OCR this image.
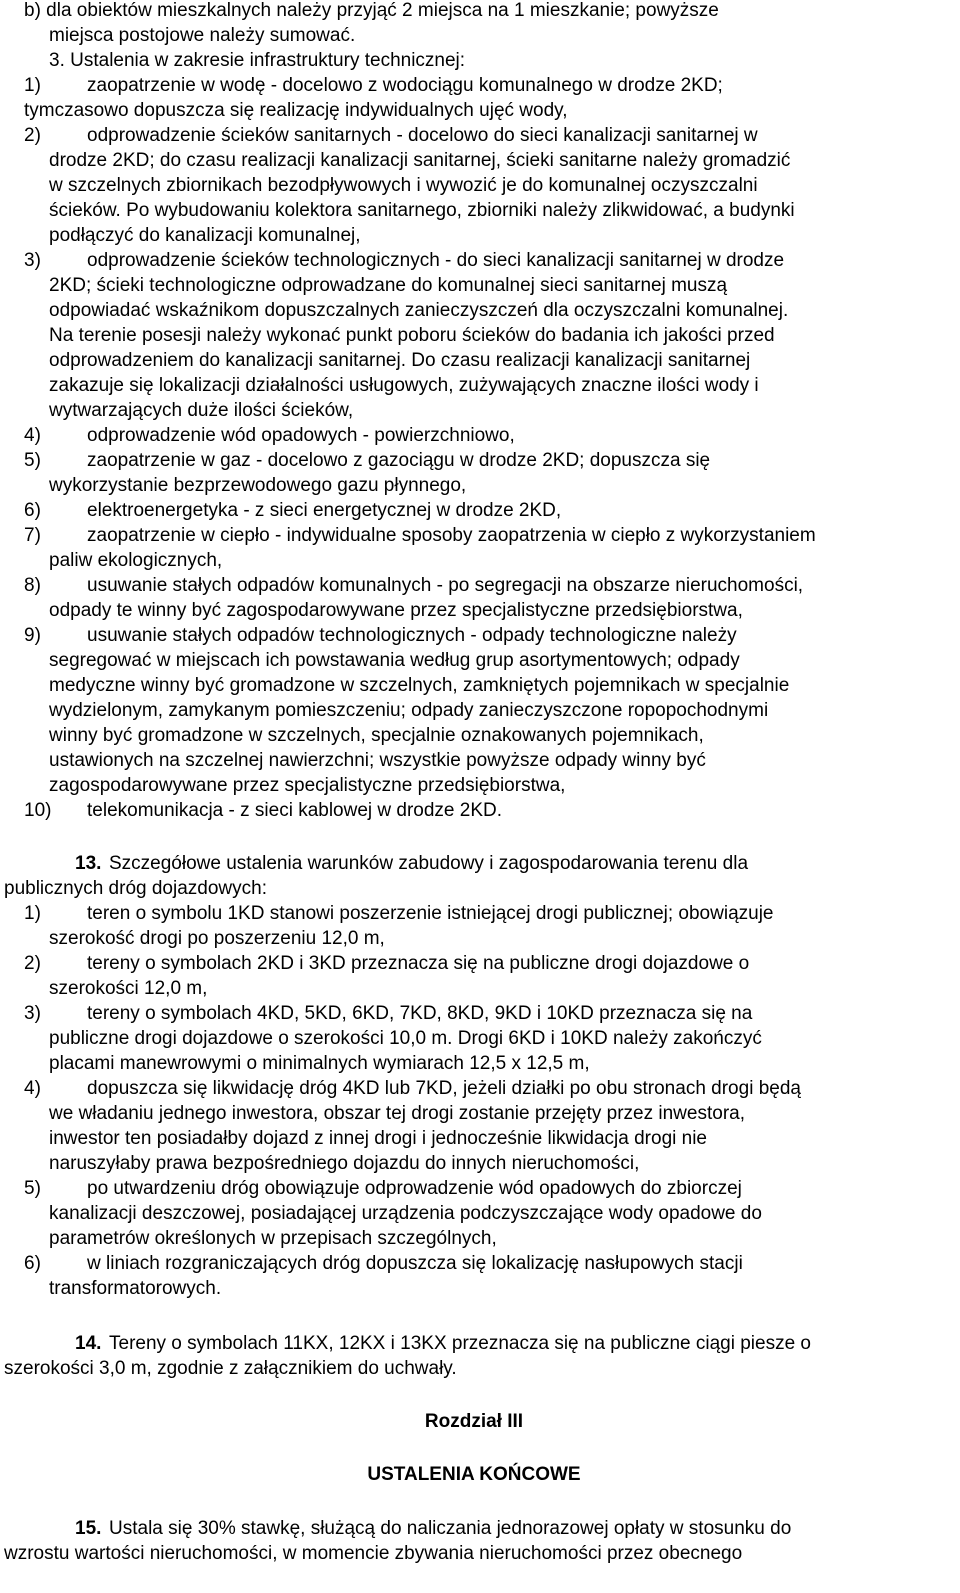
b) dla obiektów mieszkalnych należy przyjąć 2 miejsca na 1 mieszkanie; powyższe
miejsca postojowe należy sumować.
3. Ustalenia w zakresie infrastruktury technicznej:
1) zaopatrzenie w wodę - docelowo z wodociągu komunalnego w drodze 2KD;
tymczasowo dopuszcza się realizację indywidualnych ujęć wody,
2) odprowadzenie ścieków sanitarnych - docelowo do sieci kanalizacji sanitarnej w
drodze 2KD; do czasu realizacji kanalizacji sanitarnej, ścieki sanitarne należy gromadzić
w szczelnych zbiornikach bezodpływowych i wywozić je do komunalnej oczyszczalni
ścieków. Po wybudowaniu kolektora sanitarnego, zbiorniki należy zlikwidować, a budynki
podłączyć do kanalizacji komunalnej,
3) odprowadzenie ścieków technologicznych - do sieci kanalizacji sanitarnej w drodze
2KD; ścieki technologiczne odprowadzane do komunalnej sieci sanitarnej muszą
odpowiadać wskaźnikom dopuszczalnych zanieczyszczeń dla oczyszczalni komunalnej.
Na terenie posesji należy wykonać punkt poboru ścieków do badania ich jakości przed
odprowadzeniem do kanalizacji sanitarnej. Do czasu realizacji kanalizacji sanitarnej
zakazuje się lokalizacji działalności usługowych, zużywających znaczne ilości wody i
wytwarzających duże ilości ścieków,
4) odprowadzenie wód opadowych - powierzchniowo,
5) zaopatrzenie w gaz - docelowo z gazociągu w drodze 2KD; dopuszcza się
wykorzystanie bezprzewodowego gazu płynnego,
6) elektroenergetyka - z sieci energetycznej w drodze 2KD,
7) zaopatrzenie w ciepło - indywidualne sposoby zaopatrzenia w ciepło z wykorzystaniem
paliw ekologicznych,
8) usuwanie stałych odpadów komunalnych - po segregacji na obszarze nieruchomości,
odpady te winny być zagospodarowywane przez specjalistyczne przedsiębiorstwa,
9) usuwanie stałych odpadów technologicznych - odpady technologiczne należy
segregować w miejscach ich powstawania według grup asortymentowych; odpady
medyczne winny być gromadzone w szczelnych, zamkniętych pojemnikach w specjalnie
wydzielonym, zamykanym pomieszczeniu; odpady zanieczyszczone ropopochodnymi
winny być gromadzone w szczelnych, specjalnie oznakowanych pojemnikach,
ustawionych na szczelnej nawierzchni; wszystkie powyższe odpady winny być
zagospodarowywane przez specjalistyczne przedsiębiorstwa,
10) telekomunikacja - z sieci kablowej w drodze 2KD.
13. Szczegółowe ustalenia warunków zabudowy i zagospodarowania terenu dla
publicznych dróg dojazdowych:
1) teren o symbolu 1KD stanowi poszerzenie istniejącej drogi publicznej; obowiązuje
szerokość drogi po poszerzeniu 12,0 m,
2) tereny o symbolach 2KD i 3KD przeznacza się na publiczne drogi dojazdowe o
szerokości 12,0 m,
3) tereny o symbolach 4KD, 5KD, 6KD, 7KD, 8KD, 9KD i 10KD przeznacza się na
publiczne drogi dojazdowe o szerokości 10,0 m. Drogi 6KD i 10KD należy zakończyć
placami manewrowymi o minimalnych wymiarach 12,5 x 12,5 m,
4) dopuszcza się likwidację dróg 4KD lub 7KD, jeżeli działki po obu stronach drogi będą
we władaniu jednego inwestora, obszar tej drogi zostanie przejęty przez inwestora,
inwestor ten posiadałby dojazd z innej drogi i jednocześnie likwidacja drogi nie
naruszyłaby prawa bezpośredniego dojazdu do innych nieruchomości,
5) po utwardzeniu dróg obowiązuje odprowadzenie wód opadowych do zbiorczej
kanalizacji deszczowej, posiadającej urządzenia podczyszczające wody opadowe do
parametrów określonych w przepisach szczególnych,
6) w liniach rozgraniczających dróg dopuszcza się lokalizację nasłupowych stacji
transformatorowych.
14. Tereny o symbolach 11KX, 12KX i 13KX przeznacza się na publiczne ciągi piesze o
szerokości 3,0 m, zgodnie z załącznikiem do uchwały.
Rozdział III
USTALENIA KOŃCOWE
15. Ustala się 30% stawkę, służącą do naliczania jednorazowej opłaty w stosunku do
wzrostu wartości nieruchomości, w momencie zbywania nieruchomości przez obecnego
